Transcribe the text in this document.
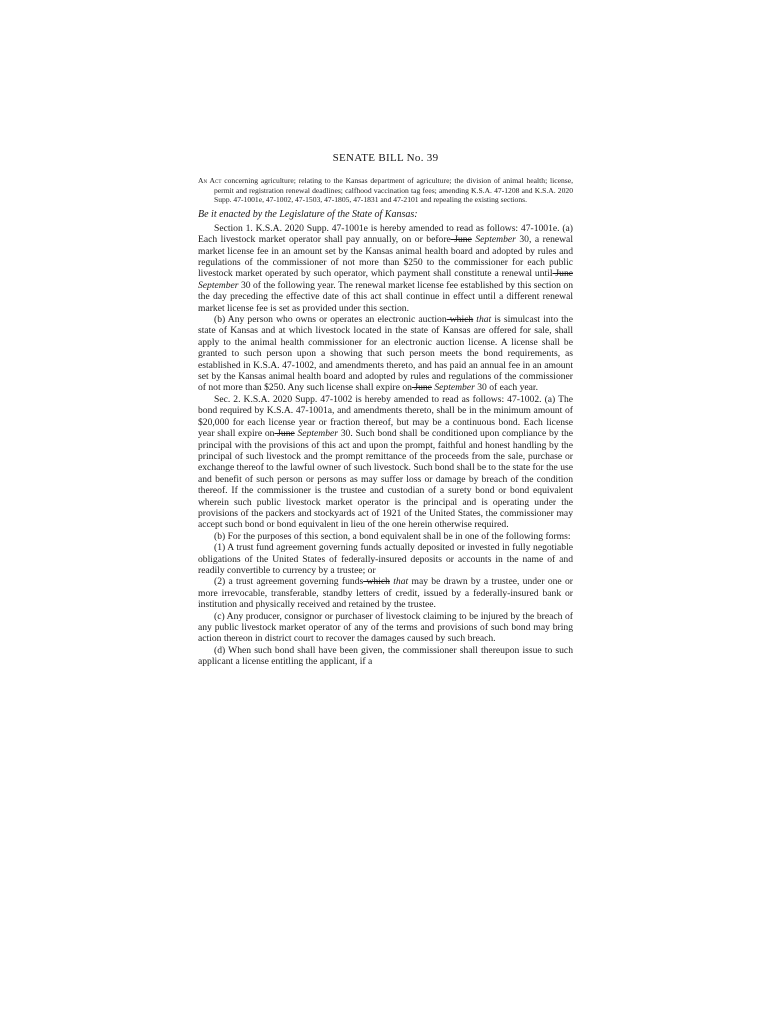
SENATE BILL No. 39
An Act concerning agriculture; relating to the Kansas department of agriculture; the division of animal health; license, permit and registration renewal deadlines; calfhood vaccination tag fees; amending K.S.A. 47-1208 and K.S.A. 2020 Supp. 47-1001e, 47-1002, 47-1503, 47-1805, 47-1831 and 47-2101 and repealing the existing sections.
Be it enacted by the Legislature of the State of Kansas:

Section 1. K.S.A. 2020 Supp. 47-1001e is hereby amended to read as follows: 47-1001e. (a) Each livestock market operator shall pay annually, on or before June September 30, a renewal market license fee in an amount set by the Kansas animal health board and adopted by rules and regulations of the commissioner of not more than $250 to the commissioner for each public livestock market operated by such operator, which payment shall constitute a renewal until June September 30 of the following year. The renewal market license fee established by this section on the day preceding the effective date of this act shall continue in effect until a different renewal market license fee is set as provided under this section.

(b) Any person who owns or operates an electronic auction which that is simulcast into the state of Kansas and at which livestock located in the state of Kansas are offered for sale, shall apply to the animal health commissioner for an electronic auction license. A license shall be granted to such person upon a showing that such person meets the bond requirements, as established in K.S.A. 47-1002, and amendments thereto, and has paid an annual fee in an amount set by the Kansas animal health board and adopted by rules and regulations of the commissioner of not more than $250. Any such license shall expire on June September 30 of each year.

Sec. 2. K.S.A. 2020 Supp. 47-1002 is hereby amended to read as follows: 47-1002. (a) The bond required by K.S.A. 47-1001a, and amendments thereto, shall be in the minimum amount of $20,000 for each license year or fraction thereof, but may be a continuous bond. Each license year shall expire on June September 30. Such bond shall be conditioned upon compliance by the principal with the provisions of this act and upon the prompt, faithful and honest handling by the principal of such livestock and the prompt remittance of the proceeds from the sale, purchase or exchange thereof to the lawful owner of such livestock. Such bond shall be to the state for the use and benefit of such person or persons as may suffer loss or damage by breach of the condition thereof. If the commissioner is the trustee and custodian of a surety bond or bond equivalent wherein such public livestock market operator is the principal and is operating under the provisions of the packers and stockyards act of 1921 of the United States, the commissioner may accept such bond or bond equivalent in lieu of the one herein otherwise required.

(b) For the purposes of this section, a bond equivalent shall be in one of the following forms:

(1) A trust fund agreement governing funds actually deposited or invested in fully negotiable obligations of the United States of federally-insured deposits or accounts in the name of and readily convertible to currency by a trustee; or

(2) a trust agreement governing funds which that may be drawn by a trustee, under one or more irrevocable, transferable, standby letters of credit, issued by a federally-insured bank or institution and physically received and retained by the trustee.

(c) Any producer, consignor or purchaser of livestock claiming to be injured by the breach of any public livestock market operator of any of the terms and provisions of such bond may bring action thereon in district court to recover the damages caused by such breach.

(d) When such bond shall have been given, the commissioner shall thereupon issue to such applicant a license entitling the applicant, if a
